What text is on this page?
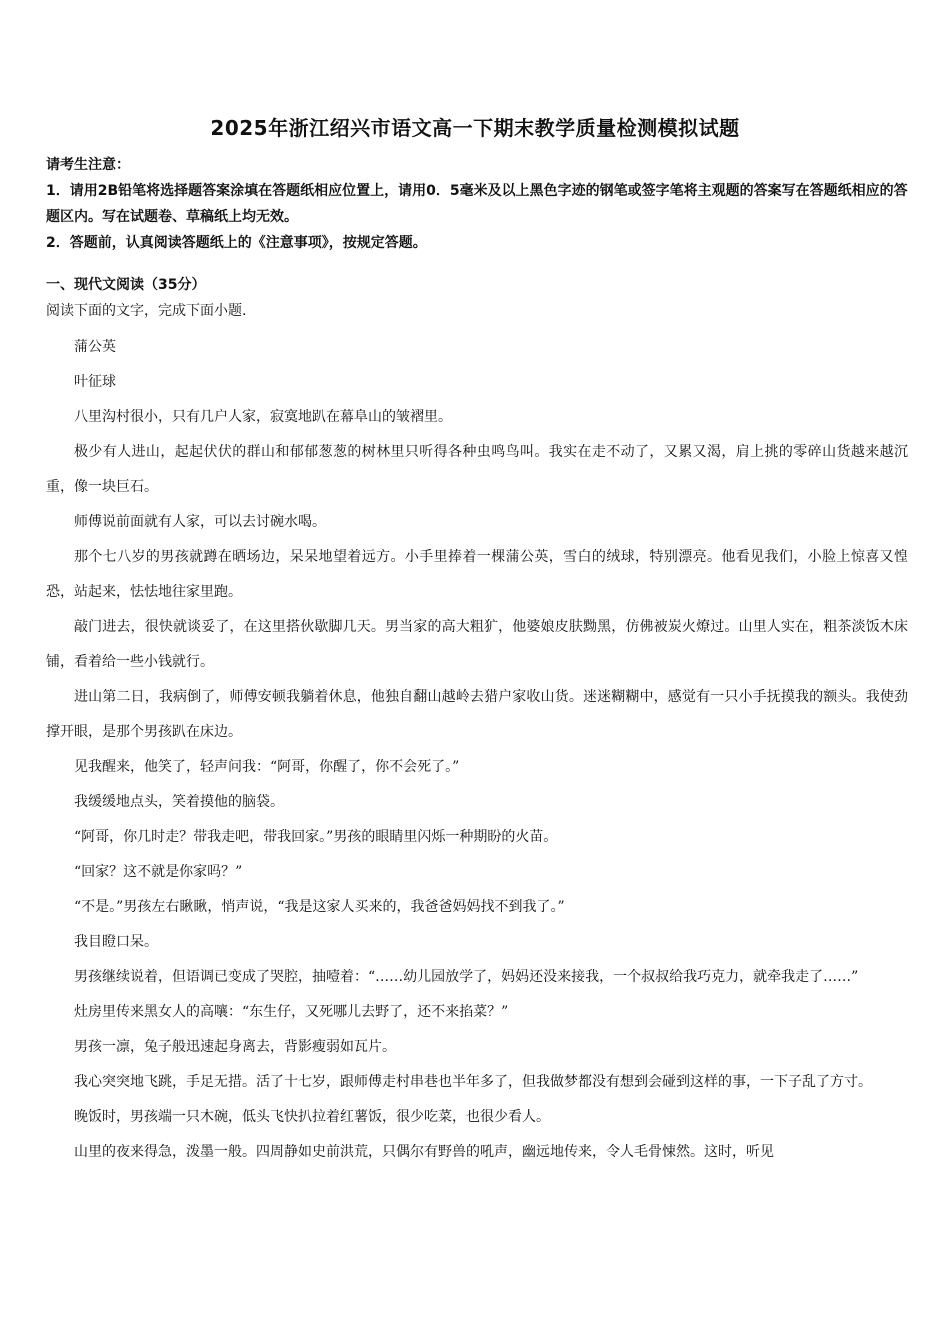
2025年浙江绍兴市语文高一下期末教学质量检测模拟试题

请考生注意：

1．请用2B铅笔将选择题答案涂填在答题纸相应位置上，请用0．5毫米及以上黑色字迹的钢笔或签字笔将主观题的答案写在答题纸相应的答题区内。写在试题卷、草稿纸上均无效。

2．答题前，认真阅读答题纸上的《注意事项》，按规定答题。

一、现代文阅读（35分）
阅读下面的文字，完成下面小题.

蒲公英

叶征球

八里沟村很小，只有几户人家，寂寞地趴在幕阜山的皱褶里。

极少有人进山，起起伏伏的群山和郁郁葱葱的树林里只听得各种虫鸣鸟叫。我实在走不动了，又累又渴，肩上挑的零碎山货越来越沉重，像一块巨石。

师傅说前面就有人家，可以去讨碗水喝。

那个七八岁的男孩就蹲在晒场边，呆呆地望着远方。小手里捧着一棵蒲公英，雪白的绒球，特别漂亮。他看见我们，小脸上惊喜又惶恐，站起来，怯怯地往家里跑。

敲门进去，很快就谈妥了，在这里搭伙歇脚几天。男当家的高大粗犷，他婆娘皮肤黝黑，仿佛被炭火燎过。山里人实在，粗茶淡饭木床铺，看着给一些小钱就行。

进山第二日，我病倒了，师傅安顿我躺着休息，他独自翻山越岭去猎户家收山货。迷迷糊糊中，感觉有一只小手抚摸我的额头。我使劲撑开眼，是那个男孩趴在床边。

见我醒来，他笑了，轻声问我：“阿哥，你醒了，你不会死了。”

我缓缓地点头，笑着摸他的脑袋。

“阿哥，你几时走？带我走吧，带我回家。”男孩的眼睛里闪烁一种期盼的火苗。

“回家？这不就是你家吗？”

“不是。”男孩左右瞅瞅，悄声说，“我是这家人买来的，我爸爸妈妈找不到我了。”

我目瞪口呆。

男孩继续说着，但语调已变成了哭腔，抽噎着：“……幼儿园放学了，妈妈还没来接我，一个叔叔给我巧克力，就牵我走了……”

灶房里传来黑女人的高嚷：“东生仔，又死哪儿去野了，还不来掐菜？”

男孩一凛，兔子般迅速起身离去，背影瘦弱如瓦片。

我心突突地飞跳，手足无措。活了十七岁，跟师傅走村串巷也半年多了，但我做梦都没有想到会碰到这样的事，一下子乱了方寸。

晚饭时，男孩端一只木碗，低头飞快扒拉着红薯饭，很少吃菜，也很少看人。

山里的夜来得急，泼墨一般。四周静如史前洪荒，只偶尔有野兽的吼声，幽远地传来，令人毛骨悚然。这时，听见
